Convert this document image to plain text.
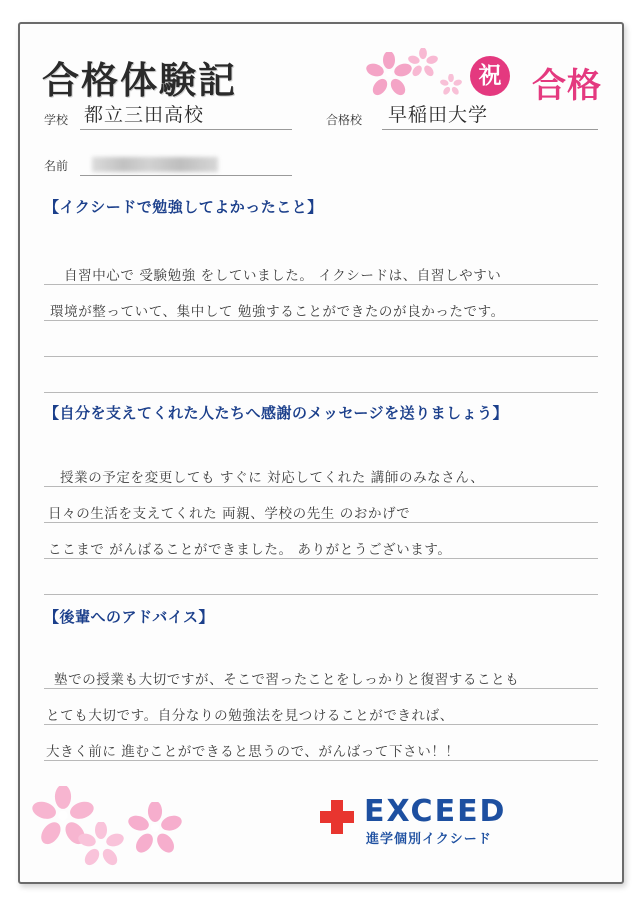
合格体験記	祝 合格
学校 都立三田高校	合格校 早稲田大学
名前
【イクシードで勉強してよかったこと】
自習中心で 受験勉強 をしていました。 イクシードは、自習しやすい
環境が整っていて、集中して 勉強することができたのが良かったです。
【自分を支えてくれた人たちへ感謝のメッセージを送りましょう】
授業の予定を変更しても すぐに 対応してくれた 講師のみなさん、
日々の生活を支えてくれた 両親、学校の先生 のおかげで
ここまで がんばることができました。 ありがとうございます。
【後輩へのアドバイス】
塾での授業も大切ですが、そこで習ったことをしっかりと復習することも
とても大切です。自分なりの勉強法を見つけることができれば、
大きく前に 進むことができると思うので、がんばって下さい！！
EXCEED
進学個別イクシード
